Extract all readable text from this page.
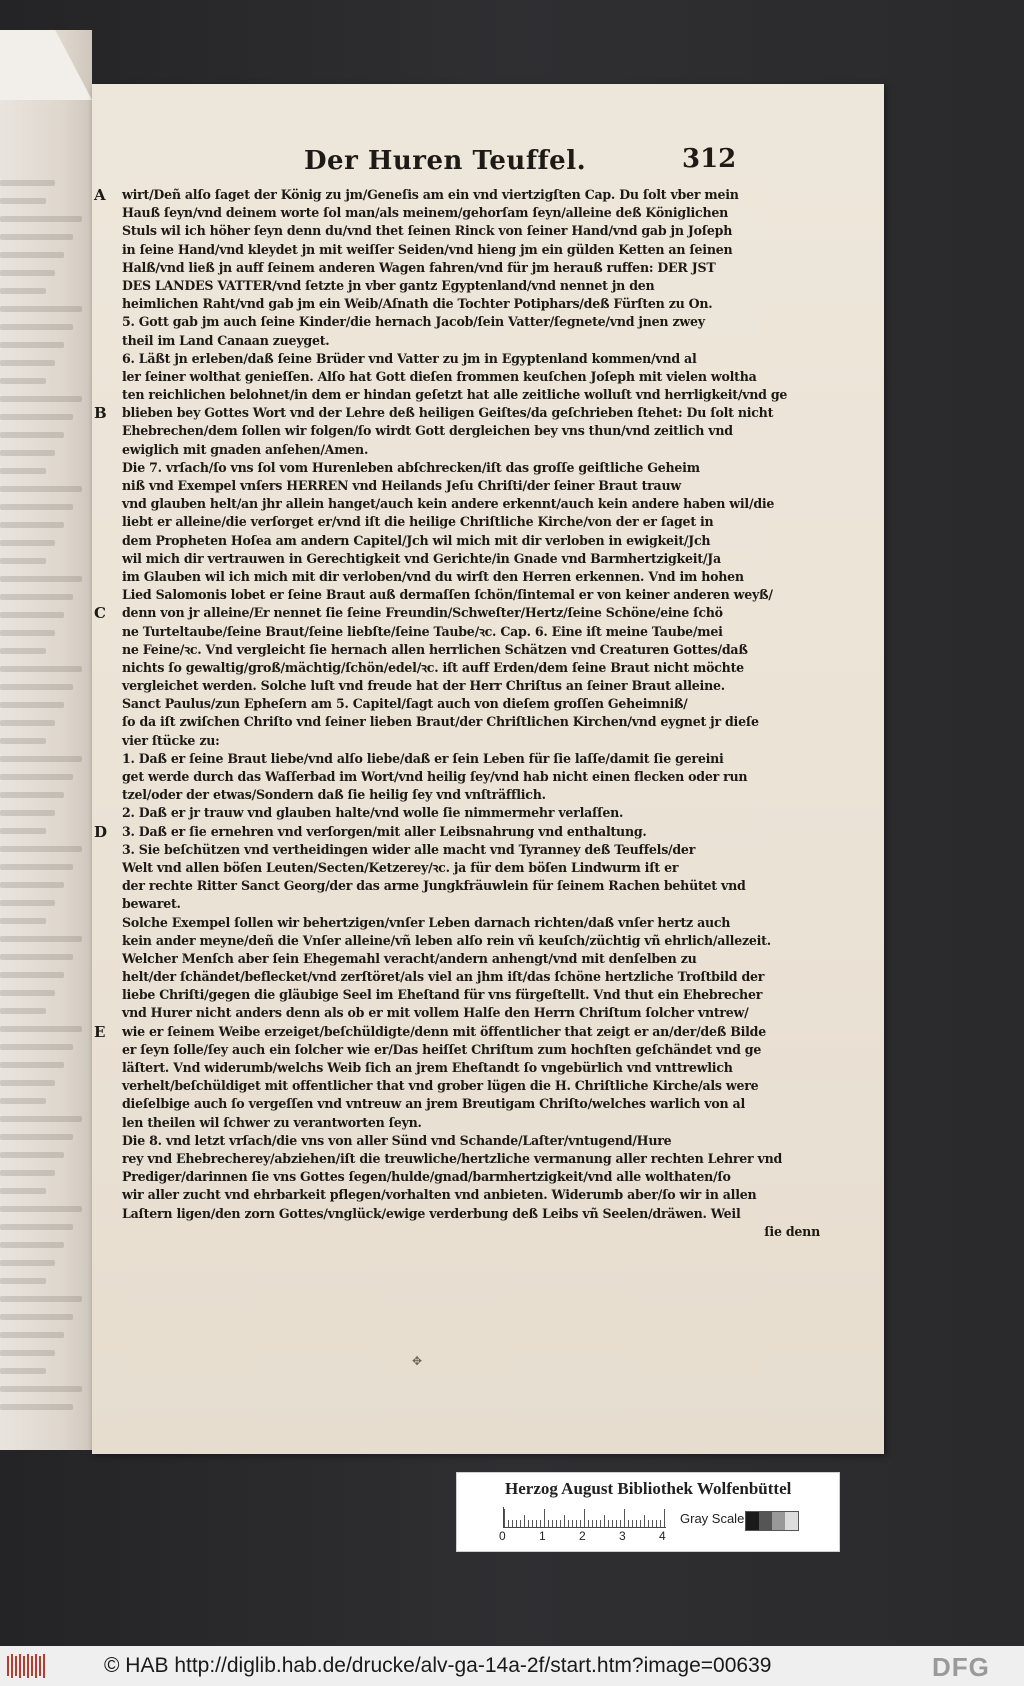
Der Huren Teuffel.	312
A wirt/Deñ alſo ſaget der König zu jm/Geneſis am ein vnd viertzigſten Cap. Du ſolt vber mein
Hauß ſeyn/vnd deinem worte ſol man/als meinem/gehorſam ſeyn/alleine deß Königlichen
Stuls wil ich höher ſeyn denn du/vnd thet ſeinen Rinck von ſeiner Hand/vnd gab jn Joſeph
in ſeine Hand/vnd kleydet jn mit weiſſer Seiden/vnd hieng jm ein gülden Ketten an ſeinen
Halß/vnd ließ jn auff ſeinem anderen Wagen fahren/vnd für jm herauß ruffen: DER JST
DES LANDES VATTER/vnd ſetzte jn vber gantz Egyptenland/vnd nennet jn den
heimlichen Raht/vnd gab jm ein Weib/Aſnath die Tochter Potiphars/deß Fürſten zu On.
5. Gott gab jm auch ſeine Kinder/die hernach Jacob/ſein Vatter/ſegnete/vnd jnen zwey
theil im Land Canaan zueyget.
6. Läßt jn erleben/daß ſeine Brüder vnd Vatter zu jm in Egyptenland kommen/vnd al
ler ſeiner wolthat genieſſen. Alſo hat Gott dieſen frommen keuſchen Joſeph mit vielen woltha
ten reichlichen belohnet/in dem er hindan geſetzt hat alle zeitliche wolluſt vnd herrligkeit/vnd ge
B blieben bey Gottes Wort vnd der Lehre deß heiligen Geiſtes/da geſchrieben ſtehet: Du ſolt nicht
Ehebrechen/dem ſollen wir folgen/ſo wirdt Gott dergleichen bey vns thun/vnd zeitlich vnd
ewiglich mit gnaden anſehen/Amen.
Die 7. vrſach/ſo vns ſol vom Hurenleben abſchrecken/iſt das groſſe geiſtliche Geheim
niß vnd Exempel vnſers HERREN vnd Heilands Jeſu Chriſti/der ſeiner Braut trauw
vnd glauben helt/an jhr allein hanget/auch kein andere erkennt/auch kein andere haben wil/die
liebt er alleine/die verſorget er/vnd iſt die heilige Chriſtliche Kirche/von der er ſaget in
dem Propheten Hoſea am andern Capitel/Jch wil mich mit dir verloben in ewigkeit/Jch
wil mich dir vertrauwen in Gerechtigkeit vnd Gerichte/in Gnade vnd Barmhertzigkeit/Ja
im Glauben wil ich mich mit dir verloben/vnd du wirſt den Herren erkennen. Vnd im hohen
Lied Salomonis lobet er ſeine Braut auß dermaſſen ſchön/ſintemal er von keiner anderen weyß/
C denn von jr alleine/Er nennet ſie ſeine Freundin/Schweſter/Hertz/ſeine Schöne/eine ſchö
ne Turteltaube/ſeine Braut/ſeine liebſte/ſeine Taube/ꝛc. Cap. 6. Eine iſt meine Taube/mei
ne Feine/ꝛc. Vnd vergleicht ſie hernach allen herrlichen Schätzen vnd Creaturen Gottes/daß
nichts ſo gewaltig/groß/mächtig/ſchön/edel/ꝛc. iſt auff Erden/dem ſeine Braut nicht möchte
vergleichet werden. Solche luſt vnd freude hat der Herr Chriſtus an ſeiner Braut alleine.
Sanct Paulus/zun Epheſern am 5. Capitel/ſagt auch von dieſem groſſen Geheimniß/
ſo da iſt zwiſchen Chriſto vnd ſeiner lieben Braut/der Chriſtlichen Kirchen/vnd eygnet jr dieſe
vier ſtücke zu:
1. Daß er ſeine Braut liebe/vnd alſo liebe/daß er ſein Leben für ſie laſſe/damit ſie gereini
get werde durch das Waſſerbad im Wort/vnd heilig ſey/vnd hab nicht einen flecken oder run
tzel/oder der etwas/Sondern daß ſie heilig ſey vnd vnſträfflich.
2. Daß er jr trauw vnd glauben halte/vnd wolle ſie nimmermehr verlaſſen.
D 3. Daß er ſie ernehren vnd verſorgen/mit aller Leibsnahrung vnd enthaltung.
3. Sie beſchützen vnd vertheidingen wider alle macht vnd Tyranney deß Teuffels/der
Welt vnd allen böſen Leuten/Secten/Ketzerey/ꝛc. ja für dem böſen Lindwurm iſt er
der rechte Ritter Sanct Georg/der das arme Jungkfräuwlein für ſeinem Rachen behütet vnd
bewaret.
Solche Exempel ſollen wir behertzigen/vnſer Leben darnach richten/daß vnſer hertz auch
kein ander meyne/deñ die Vnſer alleine/vñ leben alſo rein vñ keuſch/züchtig vñ ehrlich/allezeit.
Welcher Menſch aber ſein Ehegemahl veracht/andern anhengt/vnd mit denſelben zu
helt/der ſchändet/beflecket/vnd zerſtöret/als viel an jhm iſt/das ſchöne hertzliche Troſtbild der
liebe Chriſti/gegen die gläubige Seel im Eheſtand für vns fürgeſtellt. Vnd thut ein Ehebrecher
vnd Hurer nicht anders denn als ob er mit vollem Halſe den Herrn Chriſtum ſolcher vntrew/
E wie er ſeinem Weibe erzeiget/beſchüldigte/denn mit öffentlicher that zeigt er an/der/deß Bilde
er ſeyn ſolle/ſey auch ein ſolcher wie er/Das heiſſet Chriſtum zum hochſten geſchändet vnd ge
läſtert. Vnd widerumb/welchs Weib ſich an jrem Eheſtandt ſo vngebürlich vnd vnttrewlich
verhelt/beſchüldiget mit offentlicher that vnd grober lügen die H. Chriſtliche Kirche/als were
dieſelbige auch ſo vergeſſen vnd vntreuw an jrem Breutigam Chriſto/welches warlich von al
len theilen wil ſchwer zu verantworten ſeyn.
Die 8. vnd letzt vrſach/die vns von aller Sünd vnd Schande/Laſter/vntugend/Hure
rey vnd Ehebrecherey/abziehen/iſt die treuwliche/hertzliche vermanung aller rechten Lehrer vnd
Prediger/darinnen ſie vns Gottes ſegen/hulde/gnad/barmhertzigkeit/vnd alle wolthaten/ſo
wir aller zucht vnd ehrbarkeit pflegen/vorhalten vnd anbieten. Widerumb aber/ſo wir in allen
Laſtern ligen/den zorn Gottes/vnglück/ewige verderbung deß Leibs vñ Seelen/dräwen. Weil
ſie denn
✥
Herzog August Bibliothek Wolfenbüttel
0	1	2	3	4
Gray Scale
© HAB http://diglib.hab.de/drucke/alv-ga-14a-2f/start.htm?image=00639	DFG
